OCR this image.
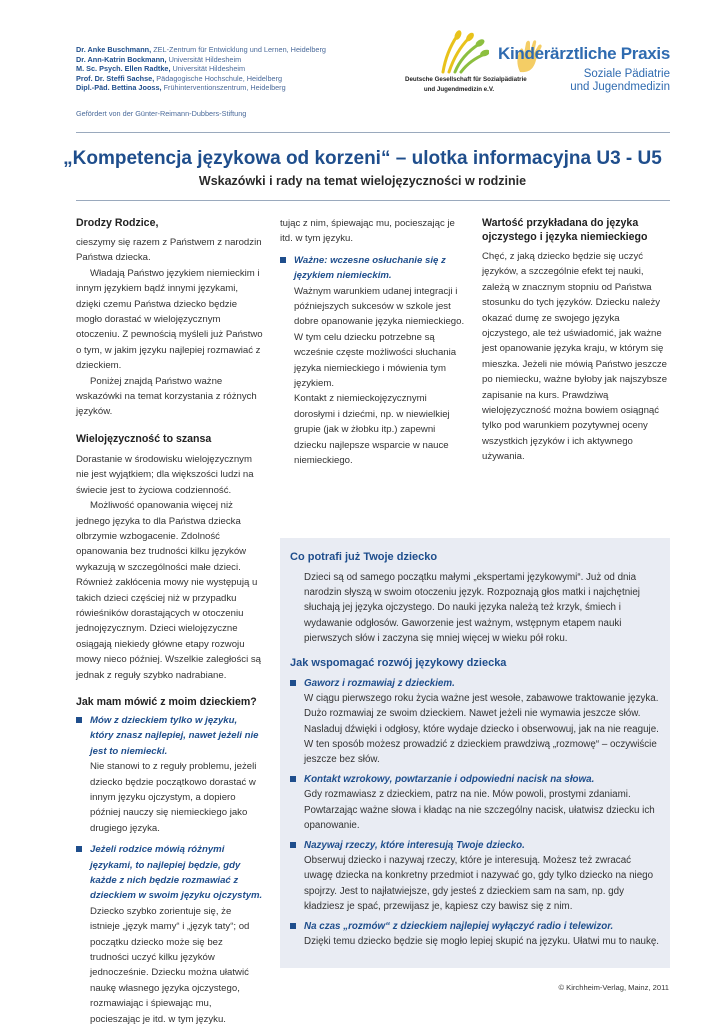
Dr. Anke Buschmann, ZEL-Zentrum für Entwicklung und Lernen, Heidelberg
Dr. Ann-Katrin Bockmann, Universität Hildesheim
M. Sc. Psych. Ellen Radtke, Universität Hildesheim
Prof. Dr. Steffi Sachse, Pädagogische Hochschule, Heidelberg
Dipl.-Päd. Bettina Jooss, Frühinterventionszentrum, Heidelberg
Gefördert von der Günter-Reimann-Dubbers-Stiftung
Deutsche Gesellschaft für Sozialpädiatrie
und Jugendmedizin e.V.
Kinderärztliche Praxis
Soziale Pädiatrie
und Jugendmedizin
„Kompetencja językowa od korzeni“ – ulotka informacyjna U3 - U5
Wskazówki i rady na temat wielojęzyczności w rodzinie
Drodzy Rodzice,

cieszymy się razem z Państwem z narodzin Państwa dziecka.

Władają Państwo językiem niemieckim i innym językiem bądź innymi językami, dzięki czemu Państwa dziecko będzie mogło dorastać w wielojęzycznym otoczeniu. Z pewnością myśleli już Państwo o tym, w jakim języku najlepiej rozmawiać z dzieckiem.

Poniżej znajdą Państwo ważne wskazówki na temat korzystania z różnych języków.

Wielojęzyczność to szansa

Dorastanie w środowisku wielojęzycznym nie jest wyjątkiem; dla większości ludzi na świecie jest to życiowa codzienność.

Możliwość opanowania więcej niż jednego języka to dla Państwa dziecka olbrzymie wzbogacenie. Zdolność opanowania bez trudności kilku języków wykazują w szczególności małe dzieci. Również zakłócenia mowy nie występują u takich dzieci częściej niż w przypadku rówieśników dorastających w otoczeniu jednojęzycznym. Dzieci wielojęzyczne osiągają niekiedy główne etapy rozwoju mowy nieco później. Wszelkie zaległości są jednak z reguły szybko nadrabiane.

Jak mam mówić z moim dzieckiem?

Mów z dzieckiem tylko w języku, który znasz najlepiej, nawet jeżeli nie jest to niemiecki.

Nie stanowi to z reguły problemu, jeżeli dziecko będzie początkowo dorastać w innym języku ojczystym, a dopiero później nauczy się niemieckiego jako drugiego języka.

Jeżeli rodzice mówią różnymi językami, to najlepiej będzie, gdy każde z nich będzie rozmawiać z dzieckiem w swoim języku ojczystym.

Dziecko szybko zorientuje się, że istnieje „język mamy“ i „język taty“; od początku dziecko może się bez trudności uczyć kilku języków jednocześnie. Dziecku można ułatwić naukę własnego języka ojczystego, rozmawiając i śpiewając mu, pocieszając je itd. w tym języku.

tując z nim, śpiewając mu, pocieszając je itd. w tym języku.

Ważne: wczesne osłuchanie się z językiem niemieckim.

Ważnym warunkiem udanej integracji i późniejszych sukcesów w szkole jest dobre opanowanie języka niemieckiego. W tym celu dziecku potrzebne są wcześnie częste możliwości słuchania języka niemieckiego i mówienia tym językiem.

Kontakt z niemieckojęzycznymi dorosłymi i dziećmi, np. w niewielkiej grupie (jak w żłobku itp.) zapewni dziecku najlepsze wsparcie w nauce niemieckiego.

Wartość przykładana do języka ojczystego i języka niemieckiego

Chęć, z jaką dziecko będzie się uczyć języków, a szczególnie efekt tej nauki, zależą w znacznym stopniu od Państwa stosunku do tych języków. Dziecku należy okazać dumę ze swojego języka ojczystego, ale też uświadomić, jak ważne jest opanowanie języka kraju, w którym się mieszka. Jeżeli nie mówią Państwo jeszcze po niemiecku, ważne byłoby jak najszybsze zapisanie na kurs. Prawdziwą wielojęzyczność można bowiem osiągnąć tylko pod warunkiem pozytywnej oceny wszystkich języków i ich aktywnego używania.

Co potrafi już Twoje dziecko

Dzieci są od samego początku małymi „ekspertami językowymi“. Już od dnia narodzin słyszą w swoim otoczeniu język. Rozpoznają głos matki i najchętniej słuchają jej języka ojczystego. Do nauki języka należą też krzyk, śmiech i wydawanie odgłosów. Gaworzenie jest ważnym, wstępnym etapem nauki pierwszych słów i zaczyna się mniej więcej w wieku pół roku.

Jak wspomagać rozwój językowy dziecka

Gaworz i rozmawiaj z dzieckiem.

W ciągu pierwszego roku życia ważne jest wesołe, zabawowe traktowanie języka. Dużo rozmawiaj ze swoim dzieckiem. Nawet jeżeli nie wymawia jeszcze słów. Nasladuj dźwięki i odgłosy, które wydaje dziecko i obserwowuj, jak na nie reaguje. W ten sposób możesz prowadzić z dzieckiem prawdziwą „rozmowę“ – oczywiście jeszcze bez słów.

Kontakt wzrokowy, powtarzanie i odpowiedni nacisk na słowa.

Gdy rozmawiasz z dzieckiem, patrz na nie. Mów powoli, prostymi zdaniami. Powtarzając ważne słowa i kładąc na nie szczególny nacisk, ułatwisz dziecku ich opanowanie.

Nazywaj rzeczy, które interesują Twoje dziecko.

Obserwuj dziecko i nazywaj rzeczy, które je interesują. Możesz też zwracać uwagę dziecka na konkretny przedmiot i nazywać go, gdy tylko dziecko na niego spojrzy. Jest to najłatwiejsze, gdy jesteś z dzieckiem sam na sam, np. gdy kładziesz je spać, przewijasz je, kąpiesz czy bawisz się z nim.

Na czas „rozmów“ z dzieckiem najlepiej wyłączyć radio i telewizor.

Dzięki temu dziecko będzie się mogło lepiej skupić na języku. Ułatwi mu to naukę.

© Kirchheim-Verlag, Mainz, 2011
